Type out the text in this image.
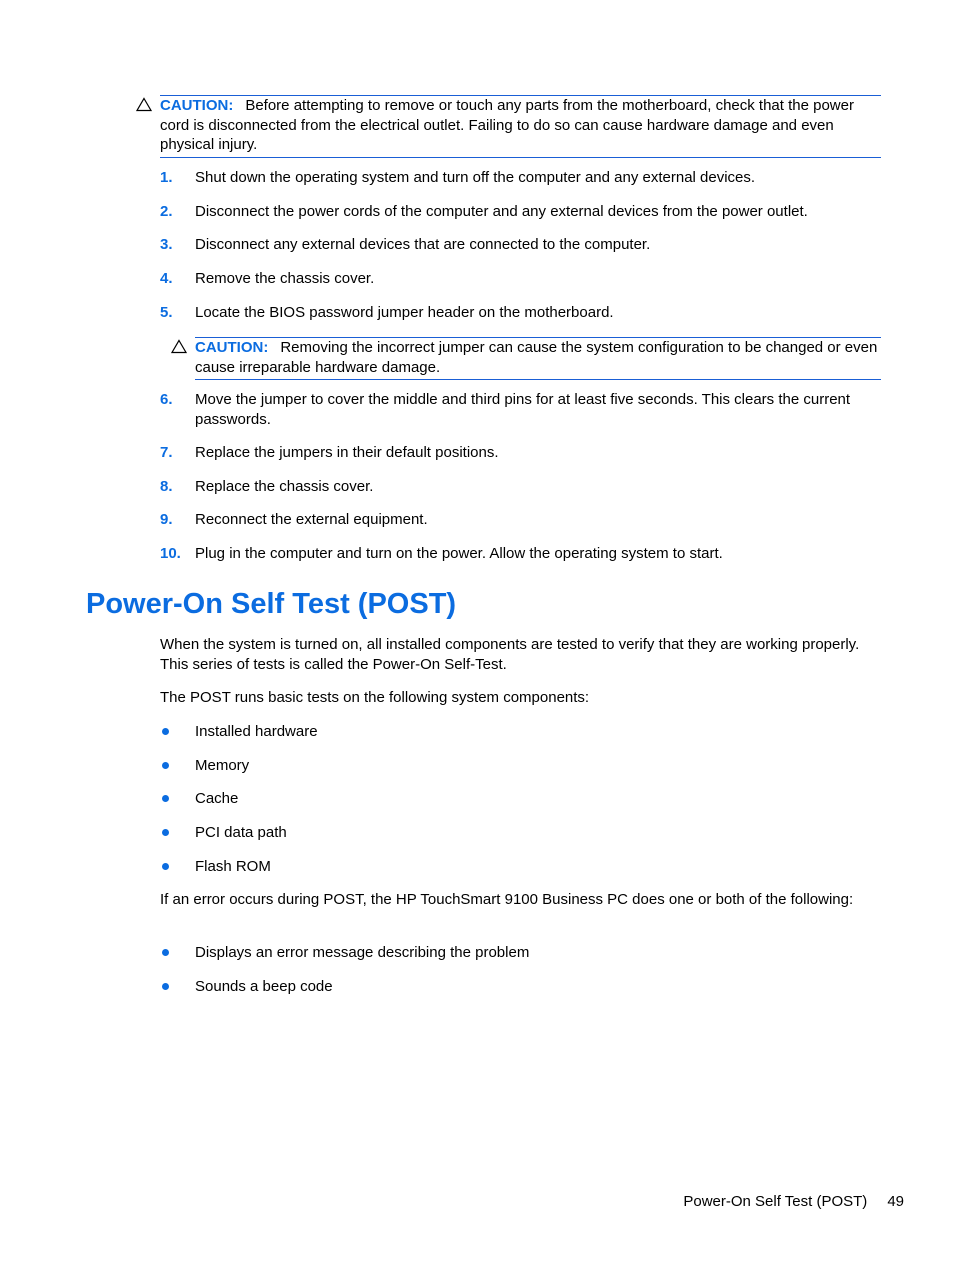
CAUTION: Before attempting to remove or touch any parts from the motherboard, check that the power cord is disconnected from the electrical outlet. Failing to do so can cause hardware damage and even physical injury.
1. Shut down the operating system and turn off the computer and any external devices.
2. Disconnect the power cords of the computer and any external devices from the power outlet.
3. Disconnect any external devices that are connected to the computer.
4. Remove the chassis cover.
5. Locate the BIOS password jumper header on the motherboard.
CAUTION: Removing the incorrect jumper can cause the system configuration to be changed or even cause irreparable hardware damage.
6. Move the jumper to cover the middle and third pins for at least five seconds. This clears the current passwords.
7. Replace the jumpers in their default positions.
8. Replace the chassis cover.
9. Reconnect the external equipment.
10. Plug in the computer and turn on the power. Allow the operating system to start.
Power-On Self Test (POST)
When the system is turned on, all installed components are tested to verify that they are working properly. This series of tests is called the Power-On Self-Test.
The POST runs basic tests on the following system components:
Installed hardware
Memory
Cache
PCI data path
Flash ROM
If an error occurs during POST, the HP TouchSmart 9100 Business PC does one or both of the following:
Displays an error message describing the problem
Sounds a beep code
Power-On Self Test (POST) 49
